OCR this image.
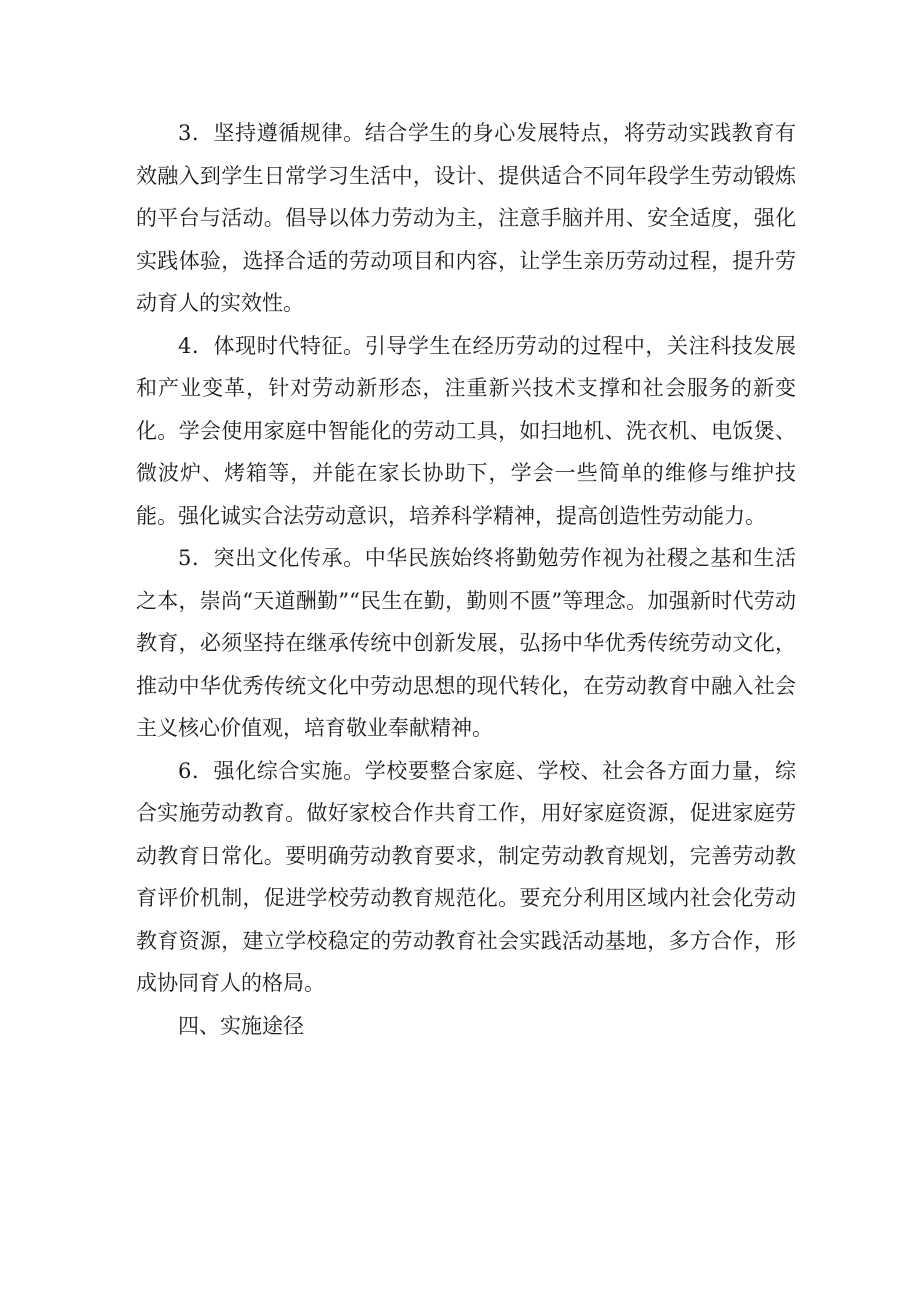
3．坚持遵循规律。结合学生的身心发展特点，将劳动实践教育有效融入到学生日常学习生活中，设计、提供适合不同年段学生劳动锻炼的平台与活动。倡导以体力劳动为主，注意手脑并用、安全适度，强化实践体验，选择合适的劳动项目和内容，让学生亲历劳动过程，提升劳动育人的实效性。

4．体现时代特征。引导学生在经历劳动的过程中，关注科技发展和产业变革，针对劳动新形态，注重新兴技术支撑和社会服务的新变化。学会使用家庭中智能化的劳动工具，如扫地机、洗衣机、电饭煲、微波炉、烤箱等，并能在家长协助下，学会一些简单的维修与维护技能。强化诚实合法劳动意识，培养科学精神，提高创造性劳动能力。

5．突出文化传承。中华民族始终将勤勉劳作视为社稷之基和生活之本，崇尚“天道酬勤”“民生在勤，勤则不匮”等理念。加强新时代劳动教育，必须坚持在继承传统中创新发展，弘扬中华优秀传统劳动文化，推动中华优秀传统文化中劳动思想的现代转化，在劳动教育中融入社会主义核心价值观，培育敬业奉献精神。

6．强化综合实施。学校要整合家庭、学校、社会各方面力量，综合实施劳动教育。做好家校合作共育工作，用好家庭资源，促进家庭劳动教育日常化。要明确劳动教育要求，制定劳动教育规划，完善劳动教育评价机制，促进学校劳动教育规范化。要充分利用区域内社会化劳动教育资源，建立学校稳定的劳动教育社会实践活动基地，多方合作，形成协同育人的格局。

四、实施途径
